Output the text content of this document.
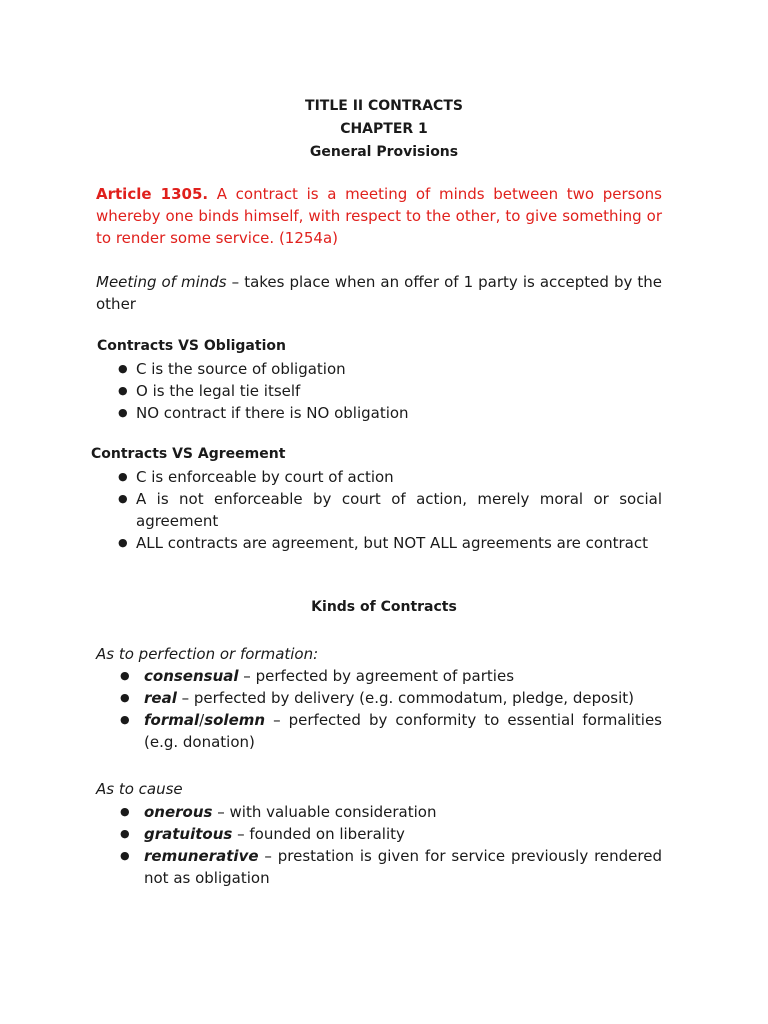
TITLE II CONTRACTS
CHAPTER 1
General Provisions
Article 1305. A contract is a meeting of minds between two persons whereby one binds himself, with respect to the other, to give something or to render some service. (1254a)
Meeting of minds – takes place when an offer of 1 party is accepted by the other
Contracts VS Obligation
● C is the source of obligation
● O is the legal tie itself
● NO contract if there is NO obligation
Contracts VS Agreement
● C is enforceable by court of action
● A is not enforceable by court of action, merely moral or social agreement
● ALL contracts are agreement, but NOT ALL agreements are contract
Kinds of Contracts
As to perfection or formation:
● consensual – perfected by agreement of parties
● real – perfected by delivery (e.g. commodatum, pledge, deposit)
● formal/solemn – perfected by conformity to essential formalities (e.g. donation)
As to cause
● onerous – with valuable consideration
● gratuitous – founded on liberality
● remunerative – prestation is given for service previously rendered not as obligation
